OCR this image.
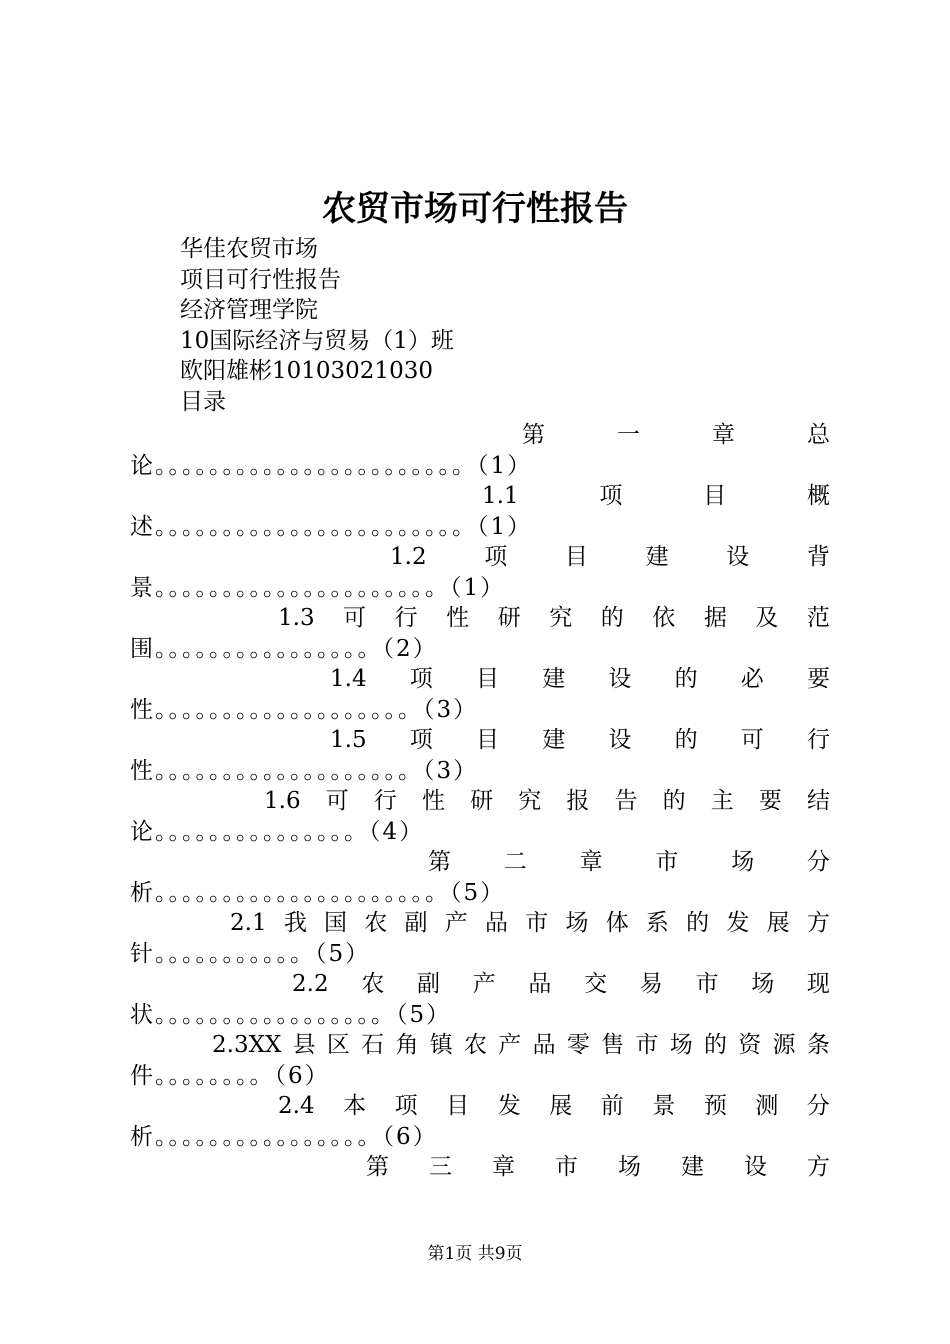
农贸市场可行性报告
华佳农贸市场
项目可行性报告
经济管理学院
10国际经济与贸易（1）班
欧阳雄彬10103021030
目录
第	一	章	总
论。。。。。。。。。。。。。。。。。。。。。。。（1）
1.1	项	目	概
述。。。。。。。。。。。。。。。。。。。。。。。（1）
1.2	项	目	建	设	背
景。。。。。。。。。。。。。。。。。。。。。（1）
1.3 可 行 性 研 究 的 依 据 及 范
围。。。。。。。。。。。。。。。。（2）
1.4 项 目 建 设 的 必 要
性。。。。。。。。。。。。。。。。。。。（3）
1.5 项 目 建 设 的 可 行
性。。。。。。。。。。。。。。。。。。。（3）
1.6 可 行 性 研 究 报 告 的 主 要 结
论。。。。。。。。。。。。。。。（4）
第 二 章 市 场 分
析。。。。。。。。。。。。。。。。。。。。。（5）
2.1 我 国 农 副 产 品 市 场 体 系 的 发 展 方
针。。。。。。。。。。。（5）
2.2 农 副 产 品 交 易 市 场 现
状。。。。。。。。。。。。。。。。。（5）
2.3XX 县 区 石 角 镇 农 产 品 零 售 市 场 的 资 源 条
件。。。。。。。。（6）
2.4 本 项 目 发 展 前 景 预 测 分
析。。。。。。。。。。。。。。。。（6）
第 三 章 市 场 建 设 方
第1页 共9页
